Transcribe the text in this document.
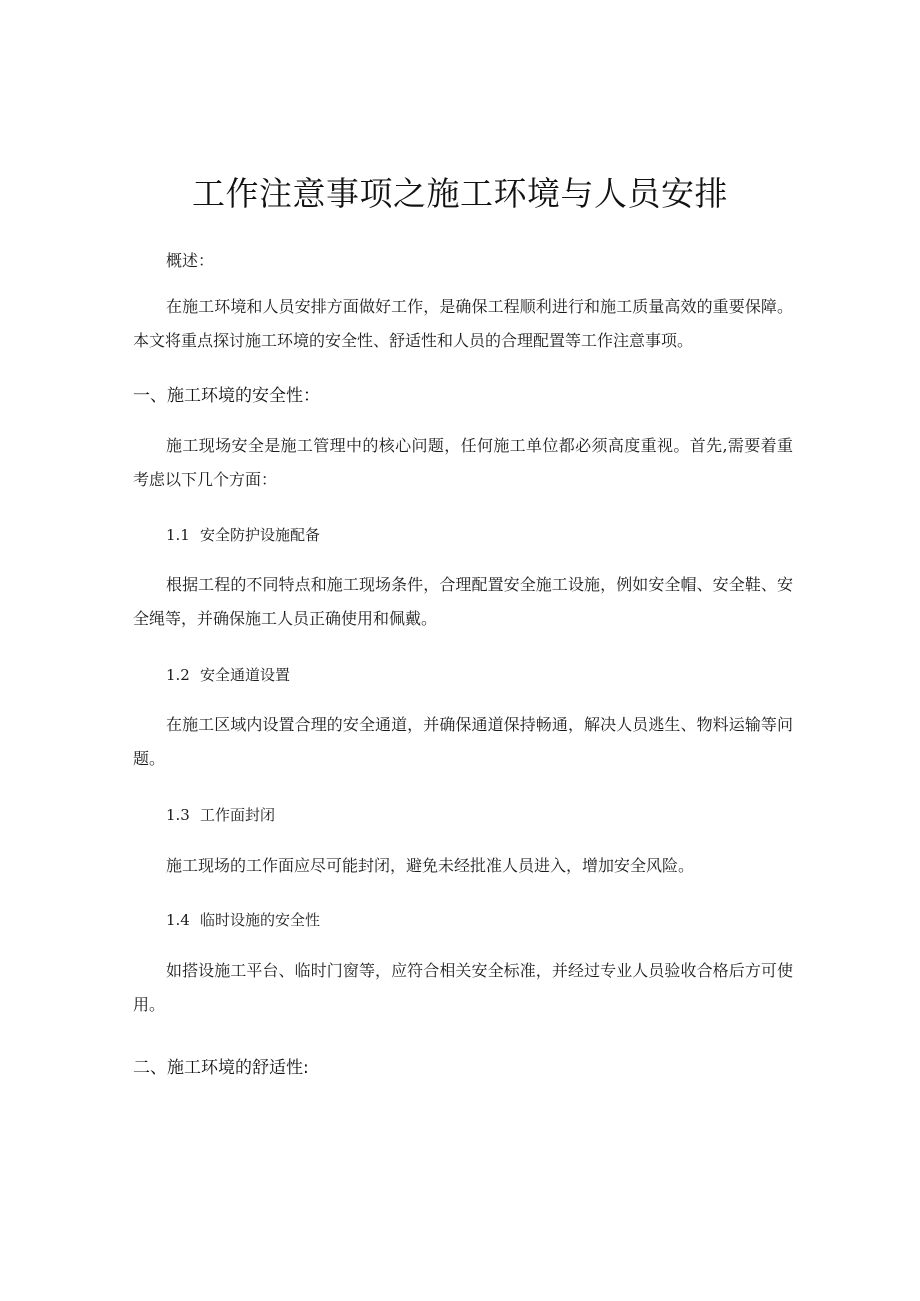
工作注意事项之施工环境与人员安排
概述：
在施工环境和人员安排方面做好工作，是确保工程顺利进行和施工质量高效的重要保障。本文将重点探讨施工环境的安全性、舒适性和人员的合理配置等工作注意事项。
一、施工环境的安全性：
施工现场安全是施工管理中的核心问题，任何施工单位都必须高度重视。首先,需要着重考虑以下几个方面：
1.1 安全防护设施配备
根据工程的不同特点和施工现场条件，合理配置安全施工设施，例如安全帽、安全鞋、安全绳等，并确保施工人员正确使用和佩戴。
1.2 安全通道设置
在施工区域内设置合理的安全通道，并确保通道保持畅通，解决人员逃生、物料运输等问题。
1.3 工作面封闭
施工现场的工作面应尽可能封闭，避免未经批准人员进入，增加安全风险。
1.4 临时设施的安全性
如搭设施工平台、临时门窗等，应符合相关安全标准，并经过专业人员验收合格后方可使用。
二、施工环境的舒适性:
